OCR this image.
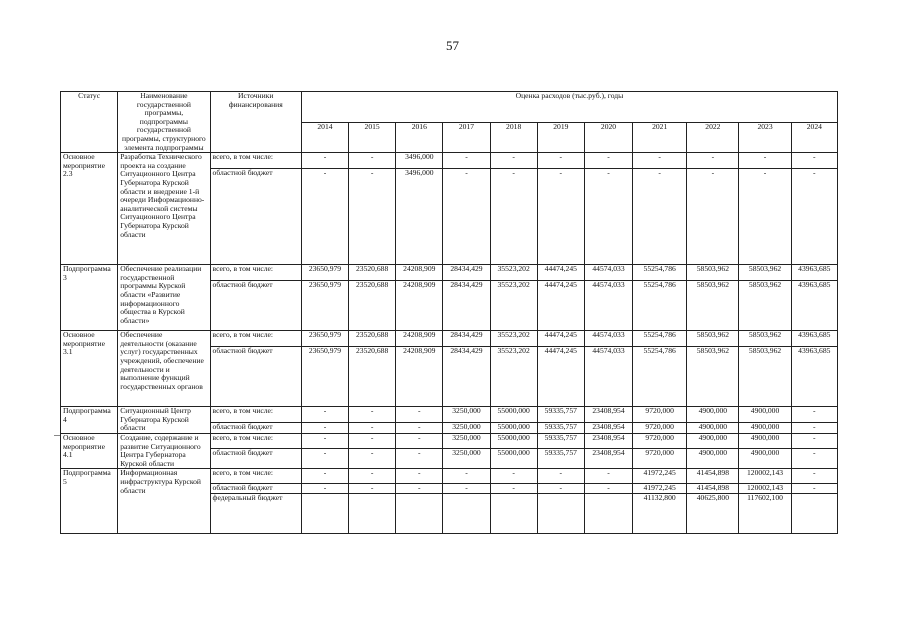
57
Статус	Наименование государственной программы, подпрограммы государственной программы, структурного элемента подпрограммы	Источники финансирования	Оценка расходов (тыс.руб.), годы										
			2014	2015	2016	2017	2018	2019	2020	2021	2022	2023	2024
Основное мероприятие 2.3	Разработка Технического проекта на создание Ситуационного Центра Губернатора Курской области и внедрение 1-й очереди Информационно-аналитической системы Ситуационного Центра Губернатора Курской области	всего, в том числе:	-	-	3496,000	-	-	-	-	-	-	-	-
		областной бюджет	-	-	3496,000	-	-	-	-	-	-	-	-
Подпрограмма 3	Обеспечение реализации государственной программы Курской области «Развитие информационного общества в Курской области»	всего, в том числе:	23650,979	23520,688	24208,909	28434,429	35523,202	44474,245	44574,033	55254,786	58503,962	58503,962	43963,685
		областной бюджет	23650,979	23520,688	24208,909	28434,429	35523,202	44474,245	44574,033	55254,786	58503,962	58503,962	43963,685
Основное мероприятие 3.1	Обеспечение деятельности (оказание услуг) государственных учреждений, обеспечение деятельности и выполнение функций государственных органов	всего, в том числе:	23650,979	23520,688	24208,909	28434,429	35523,202	44474,245	44574,033	55254,786	58503,962	58503,962	43963,685
		областной бюджет	23650,979	23520,688	24208,909	28434,429	35523,202	44474,245	44574,033	55254,786	58503,962	58503,962	43963,685
Подпрограмма 4	Ситуационный Центр Губернатора Курской области	всего, в том числе:	-	-	-	3250,000	55000,000	59335,757	23408,954	9720,000	4900,000	4900,000	-
		областной бюджет	-	-	-	3250,000	55000,000	59335,757	23408,954	9720,000	4900,000	4900,000	-
Основное мероприятие 4.1	Создание, содержание и развитие Ситуационного Центра Губернатора Курской области	всего, в том числе:	-	-	-	3250,000	55000,000	59335,757	23408,954	9720,000	4900,000	4900,000	-
		областной бюджет	-	-	-	3250,000	55000,000	59335,757	23408,954	9720,000	4900,000	4900,000	-
Подпрограмма 5	Информационная инфраструктура Курской области	всего, в том числе:	-	-	-	-	-	-	-	41972,245	41454,898	120002,143	-
		областной бюджет	-	-	-	-	-	-	-	41972,245	41454,898	120002,143	-
		федеральный бюджет								41132,800	40625,800	117602,100	
